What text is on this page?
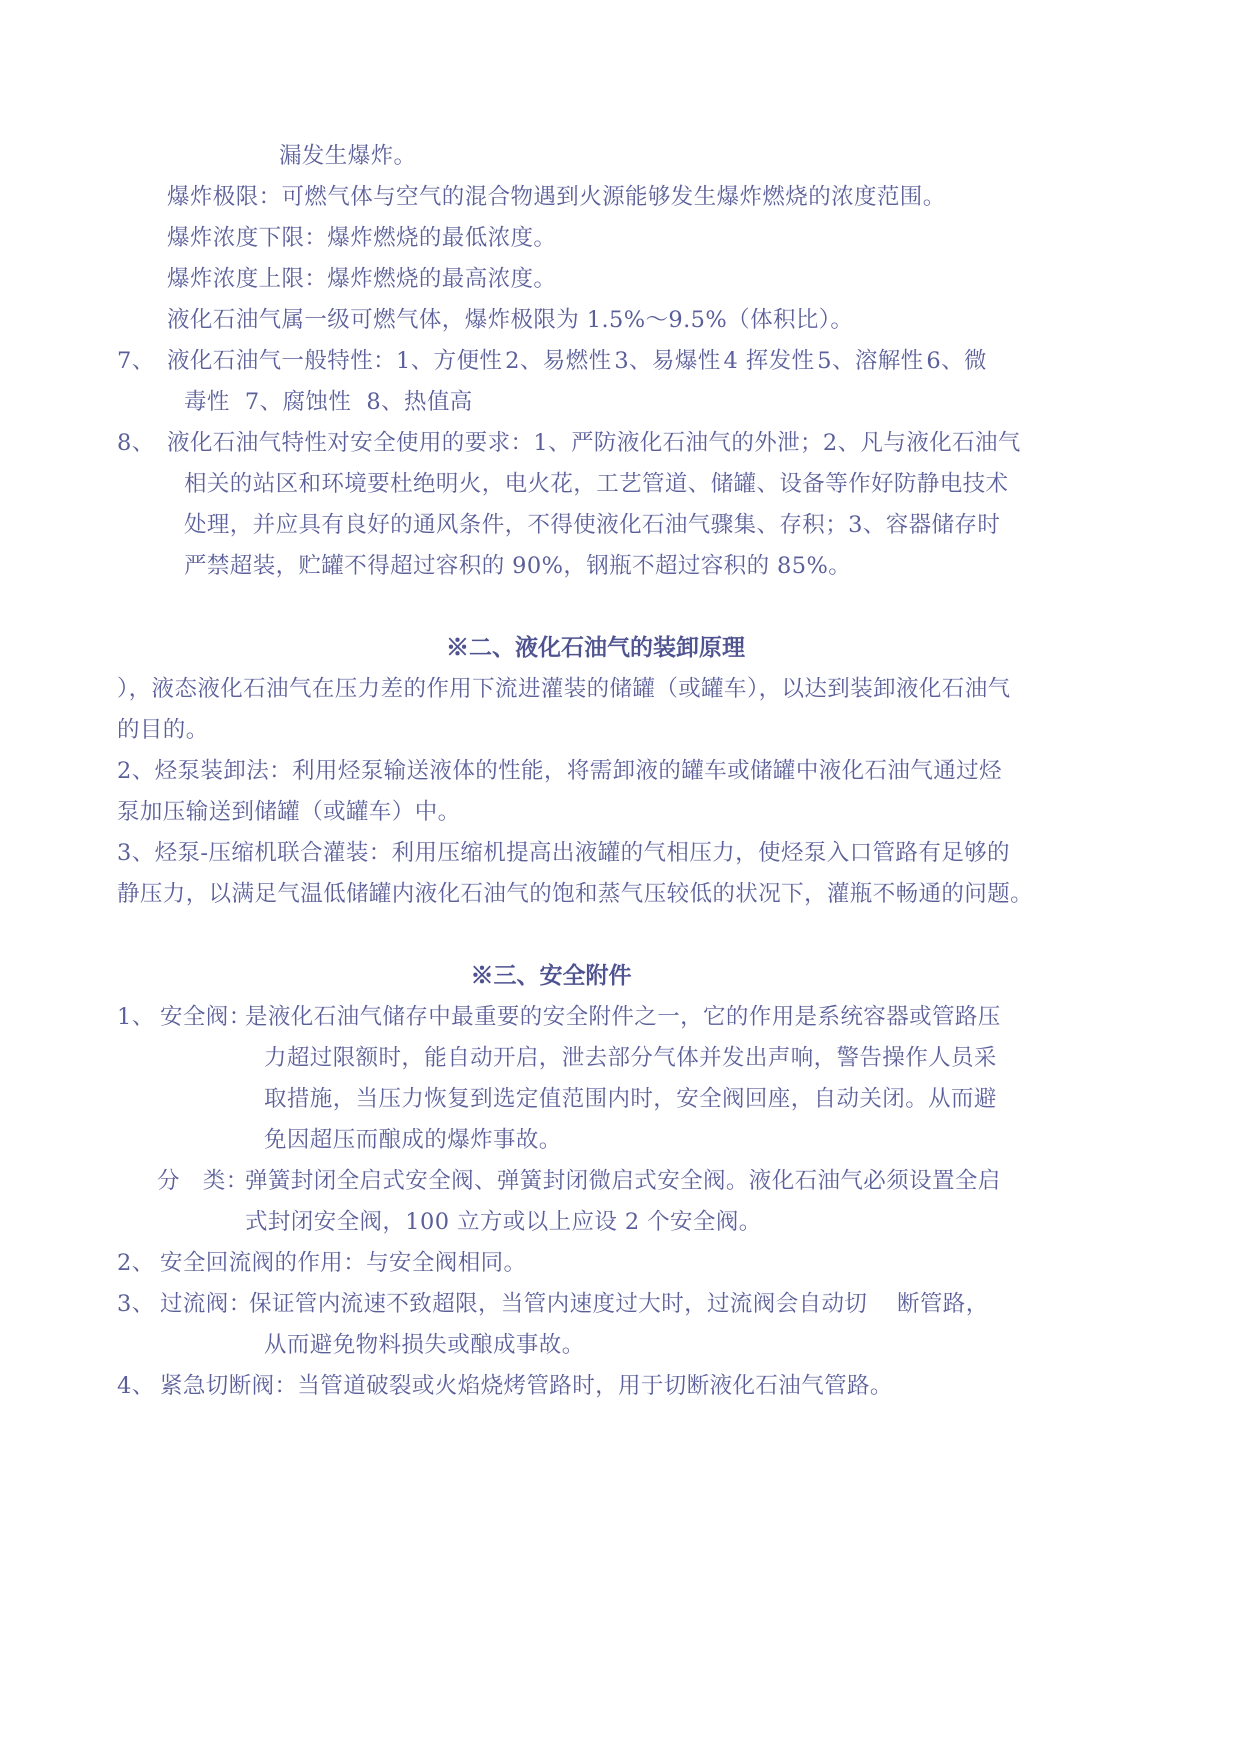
漏发生爆炸。

爆炸极限：可燃气体与空气的混合物遇到火源能够发生爆炸燃烧的浓度范围。

爆炸浓度下限：爆炸燃烧的最低浓度。

爆炸浓度上限：爆炸燃烧的最高浓度。

液化石油气属一级可燃气体，爆炸极限为 1.5%～9.5%（体积比）。

7、 液化石油气一般特性：1、方便性 2、易燃性 3、易爆性 4 挥发性 5、溶解性 6、微

毒性  7、腐蚀性  8、热值高

8、 液化石油气特性对安全使用的要求：1、严防液化石油气的外泄；2、凡与液化石油气

相关的站区和环境要杜绝明火，电火花，工艺管道、储罐、设备等作好防静电技术

处理，并应具有良好的通风条件，不得使液化石油气骤集、存积；3、容器储存时

严禁超装，贮罐不得超过容积的 90%，钢瓶不超过容积的 85%。

※二、液化石油气的装卸原理

），液态液化石油气在压力差的作用下流进灌装的储罐（或罐车），以达到装卸液化石油气

的目的。

2、烃泵装卸法：利用烃泵输送液体的性能，将需卸液的罐车或储罐中液化石油气通过烃

泵加压输送到储罐（或罐车）中。

3、烃泵-压缩机联合灌装：利用压缩机提高出液罐的气相压力，使烃泵入口管路有足够的

静压力，以满足气温低储罐内液化石油气的饱和蒸气压较低的状况下，灌瓶不畅通的问题。

※三、安全附件
1、 安全阀：

是液化石油气储存中最重要的安全附件之一，它的作用是系统容器或管路压

力超过限额时，能自动开启，泄去部分气体并发出声响，警告操作人员采

取措施，当压力恢复到选定值范围内时，安全阀回座，自动关闭。从而避

免因超压而酿成的爆炸事故。

分　类：

弹簧封闭全启式安全阀、弹簧封闭微启式安全阀。液化石油气必须设置全启

式封闭安全阀，100 立方或以上应设 2 个安全阀。

2、 安全回流阀的作用：与安全阀相同。

3、 过流阀：
保证管内流速不致超限，当管内速度过大时，过流阀会自动切 断管路，

从而避免物料损失或酿成事故。

4、 紧急切断阀：当管道破裂或火焰烧烤管路时，用于切断液化石油气管路。
